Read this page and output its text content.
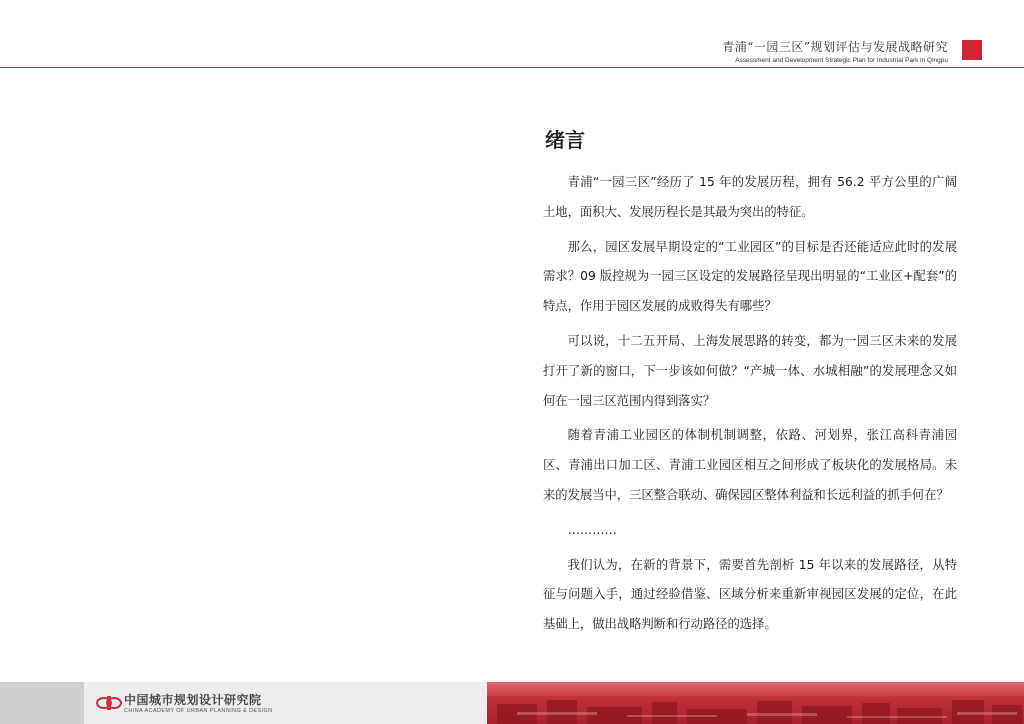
青浦“一园三区”规划评估与发展战略研究
Assessment and Development Strategic Plan for Industrial Park in Qingpu
绪言

青浦“一园三区”经历了 15 年的发展历程，拥有 56.2 平方公里的广阔土地，面积大、发展历程长是其最为突出的特征。

那么，园区发展早期设定的“工业园区”的目标是否还能适应此时的发展需求？09 版控规为一园三区设定的发展路径呈现出明显的“工业区+配套”的特点，作用于园区发展的成败得失有哪些？

可以说，十二五开局、上海发展思路的转变，都为一园三区未来的发展打开了新的窗口，下一步该如何做？“产城一体、水城相融”的发展理念又如何在一园三区范围内得到落实？

随着青浦工业园区的体制机制调整，依路、河划界，张江高科青浦园区、青浦出口加工区、青浦工业园区相互之间形成了板块化的发展格局。未来的发展当中，三区整合联动、确保园区整体利益和长远利益的抓手何在？

…………

我们认为，在新的背景下，需要首先剖析 15 年以来的发展路径，从特征与问题入手，通过经验借鉴、区域分析来重新审视园区发展的定位，在此基础上，做出战略判断和行动路径的选择。

中国城市规划设计研究院
CHINA ACADEMY OF URBAN PLANNING & DESIGN
